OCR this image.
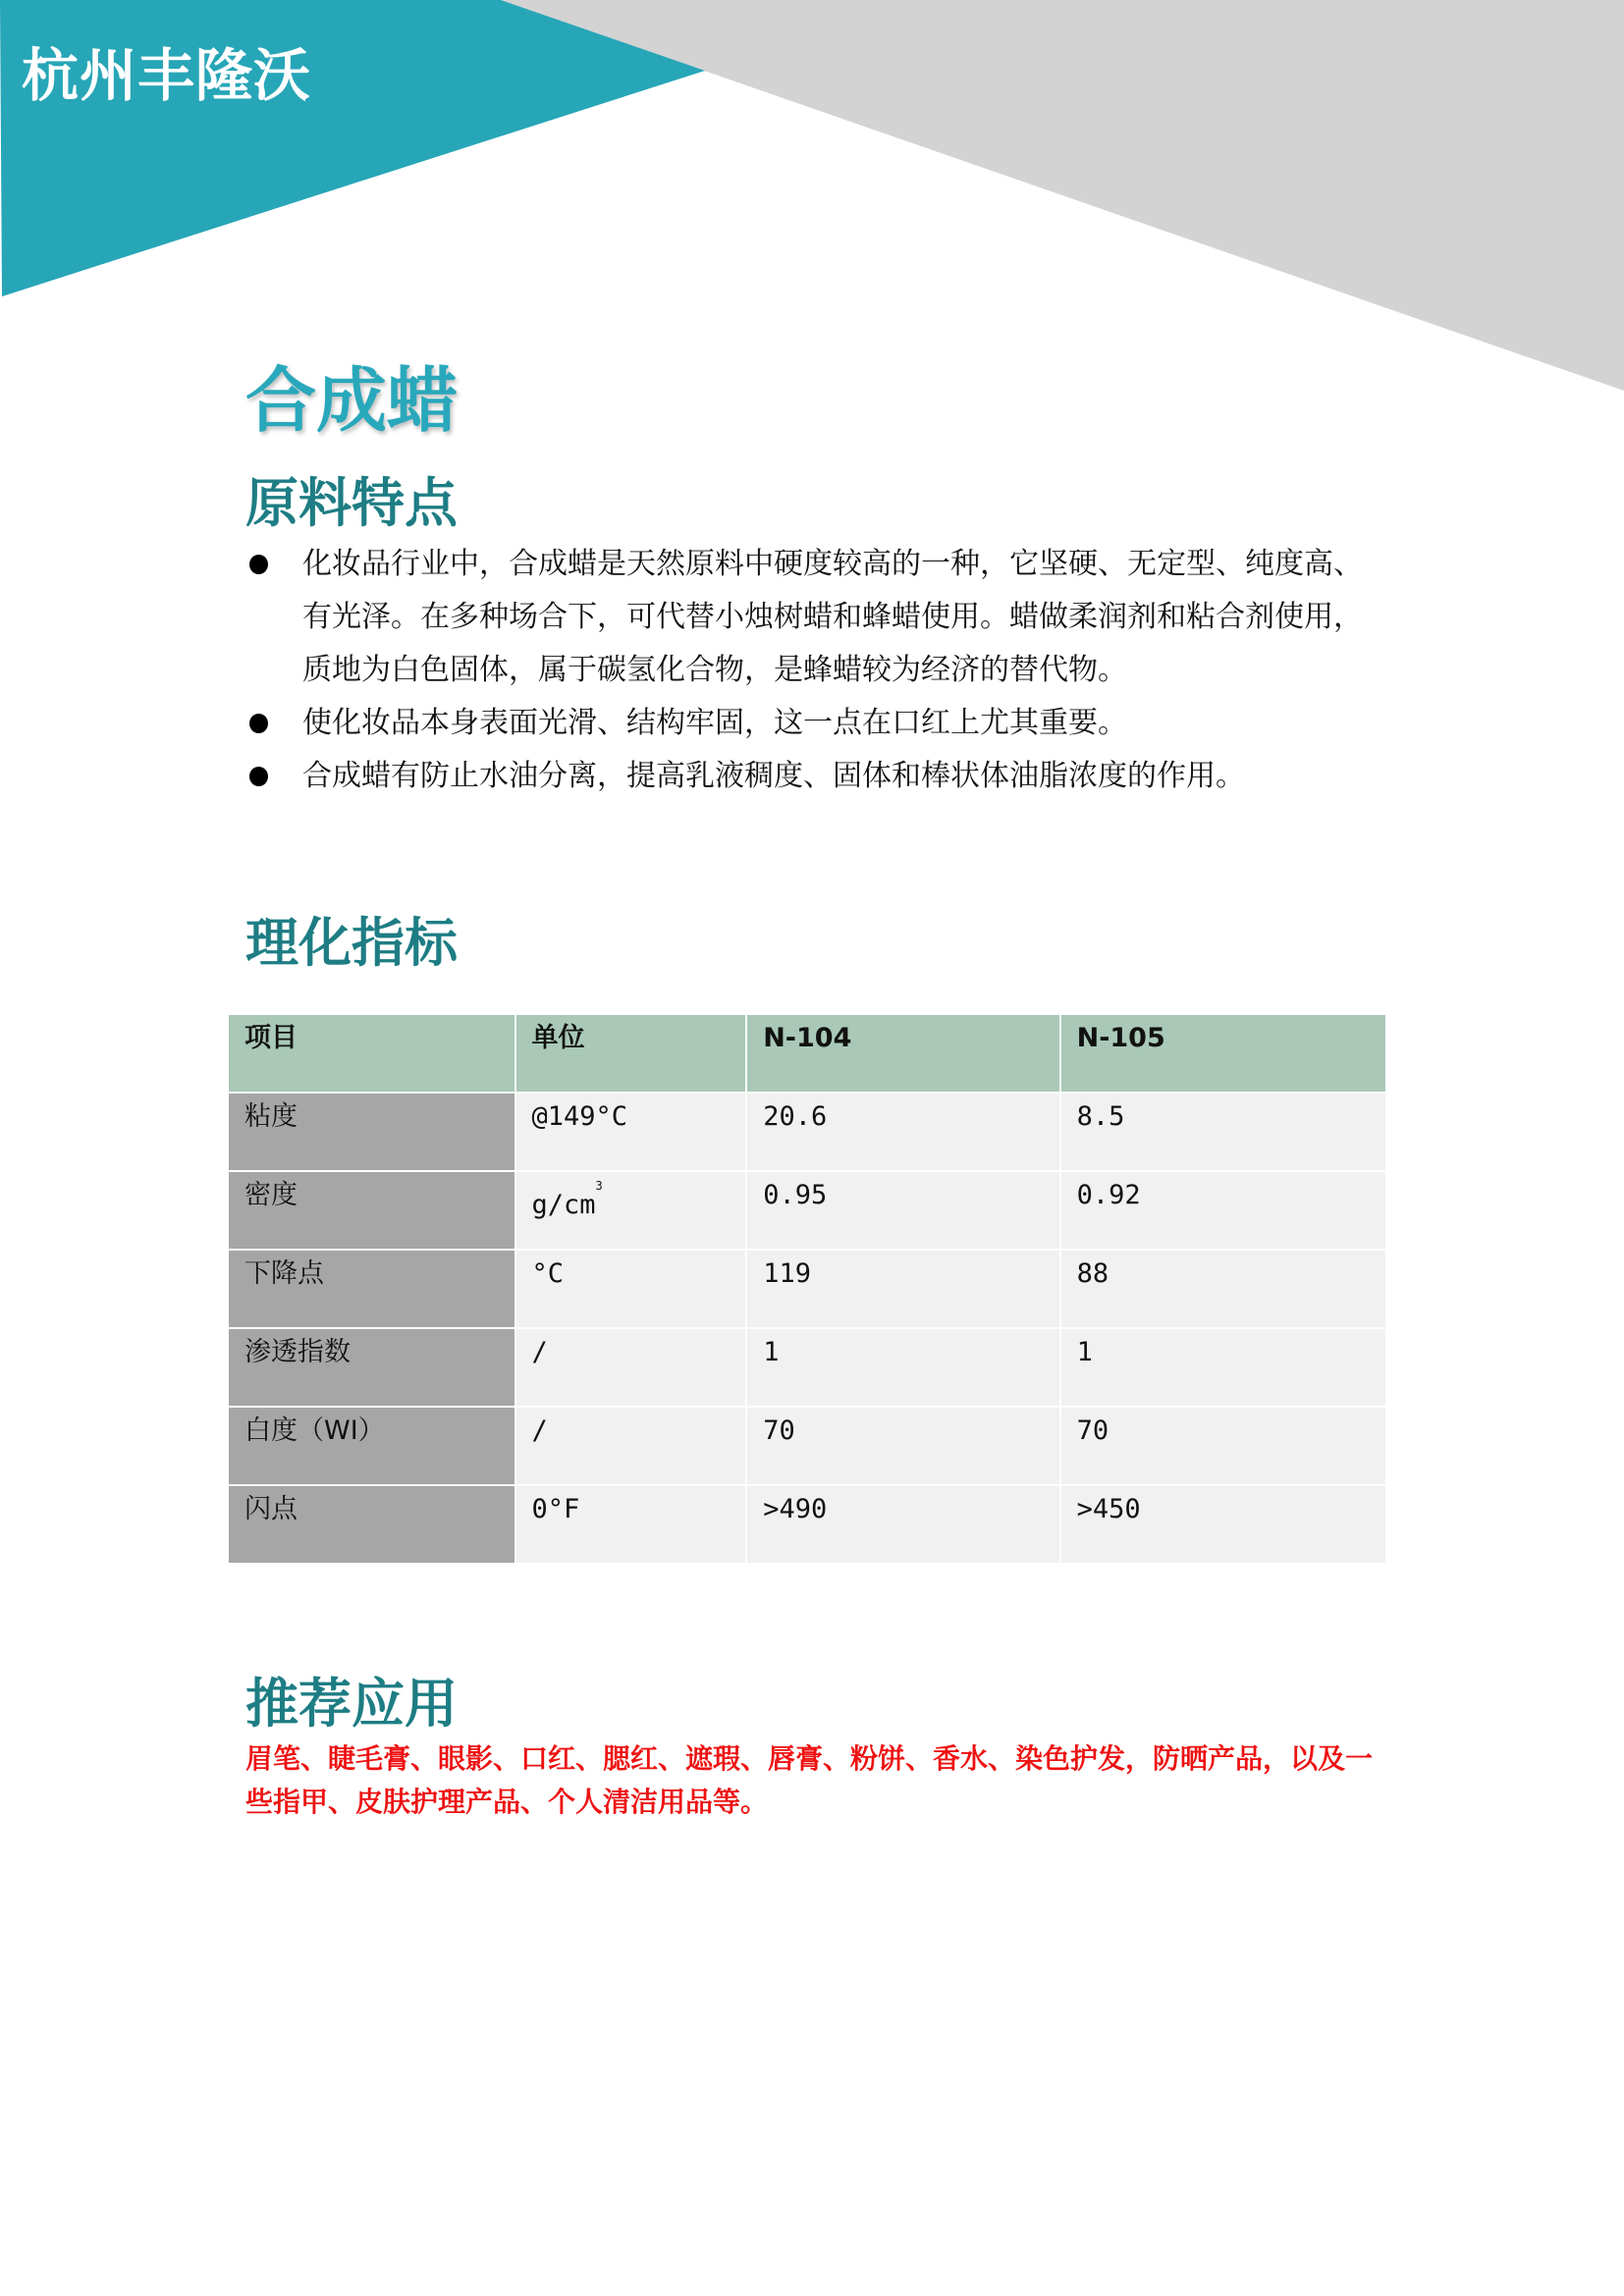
杭州丰隆沃
合成蜡
原料特点
化妆品行业中，合成蜡是天然原料中硬度较高的一种，它坚硬、无定型、纯度高、有光泽。在多种场合下，可代替小烛树蜡和蜂蜡使用。蜡做柔润剂和粘合剂使用，质地为白色固体，属于碳氢化合物，是蜂蜡较为经济的替代物。
使化妆品本身表面光滑、结构牢固，这一点在口红上尤其重要。
合成蜡有防止水油分离，提高乳液稠度、固体和棒状体油脂浓度的作用。
理化指标
项目	单位	N-104	N-105
粘度	@149°C	20.6	8.5
密度	$g/cm^3$	0.95	0.92
下降点	°C	119	88
渗透指数	/	1	1
白度（WI）	/	70	70
闪点	0°F	>490	>450
推荐应用

眉笔、睫毛膏、眼影、口红、腮红、遮瑕、唇膏、粉饼、香水、染色护发，防晒产品，以及一些指甲、皮肤护理产品、个人清洁用品等。
